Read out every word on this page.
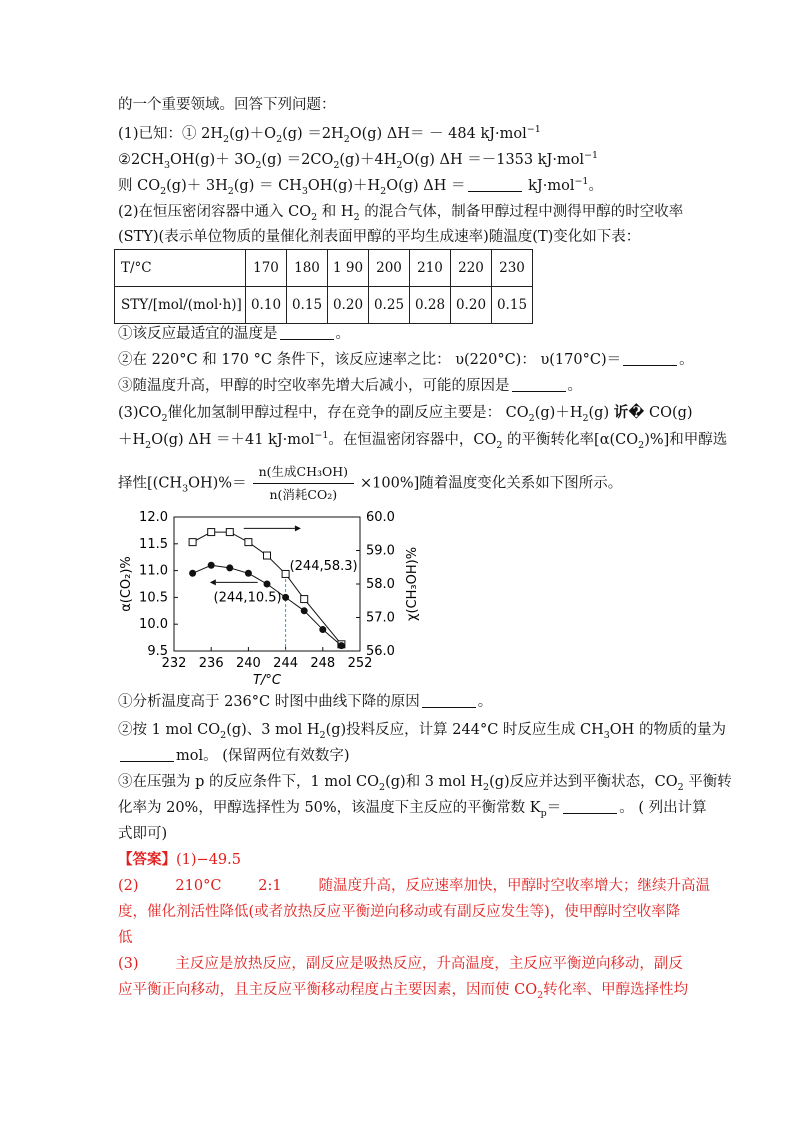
的一个重要领域。回答下列问题：
(1)已知：① $2H_2(g)+O_2(g) =2H_2O(g) \Delta H= - 484$ kJ·mol$^{-1}$
$②2CH_3OH(g)+ 3O_2(g) =2CO_2(g)+4H_2O(g)$ ΔH ＝－1353 kJ·mol$^{-1}$
则 $CO_2(g)+ 3H_2(g) = CH_3OH(g)+H_2O(g) \Delta H$ ＝	kJ·mol$^{-1}$。
(2)在恒压密闭容器中通入 $CO_2$ 和 $H_2$ 的混合气体，制备甲醇过程中测得甲醇的时空收率
(STY)(表示单位物质的量催化剂表面甲醇的平均生成速率)随温度(T)变化如下表：
T/°C	170	180	1 90	200	210	220	230
STY/[mol/(mol·h)]	0.10	0.15	0.20	0.25	0.28	0.20	0.15
①该反应最适宜的温度是	。
②在 220°C 和 170 °C 条件下，该反应速率之比： υ(220°C)： υ(170°C)＝	。
③随温度升高，甲醇的时空收率先增大后减小，可能的原因是	。
$(3)CO_2$催化加氢制甲醇过程中，存在竞争的副反应主要是： $CO_2(g)+H_2(g)$ 䜣� CO(g)
$+H_2O(g)$ ΔH ＝＋41 kJ·mol$^{-1}$。在恒温密闭容器中，$CO_2$ 的平衡转化率$[\alpha(CO_2)\%]$和甲醇选
择性$[(CH_3OH)\%= \frac{\text{n(生成CH₃OH)}}{\text{n(消耗CO₂)}} \times 100\%]$随着温度变化关系如下图所示。
232 236 240 244 248 252
9.5
10.0
10.5
11.0
11.5
12.0
56.0
57.0
58.0
59.0
60.0
T/°C
α(CO₂)%	χ(CH₃OH)%
(244,58.3)
(244,10.5)
①分析温度高于 236°C 时图中曲线下降的原因	。
②按 1 mol $CO_2(g)$、3 mol $H_2(g)$投料反应，计算 244°C 时反应生成 $CH_3OH$ 的物质的量为
mol。 (保留两位有效数字)
③在压强为 p 的反应条件下，1 mol $CO_2(g)$和 3 mol $H_2(g)$反应并达到平衡状态，$CO_2$ 平衡转
化率为 20%，甲醇选择性为 50%，该温度下主反应的平衡常数 $K_p=$	。 ( 列出计算
式即可)
【答案】(1)−49.5
(2)        210°C        2:1        随温度升高，反应速率加快，甲醇时空收率增大；继续升高温
度，催化剂活性降低(或者放热反应平衡逆向移动或有副反应发生等)，使甲醇时空收率降
低
(3)        主反应是放热反应，副反应是吸热反应，升高温度，主反应平衡逆向移动，副反
应平衡正向移动，且主反应平衡移动程度占主要因素，因而使 $CO_2$转化率、甲醇选择性均
